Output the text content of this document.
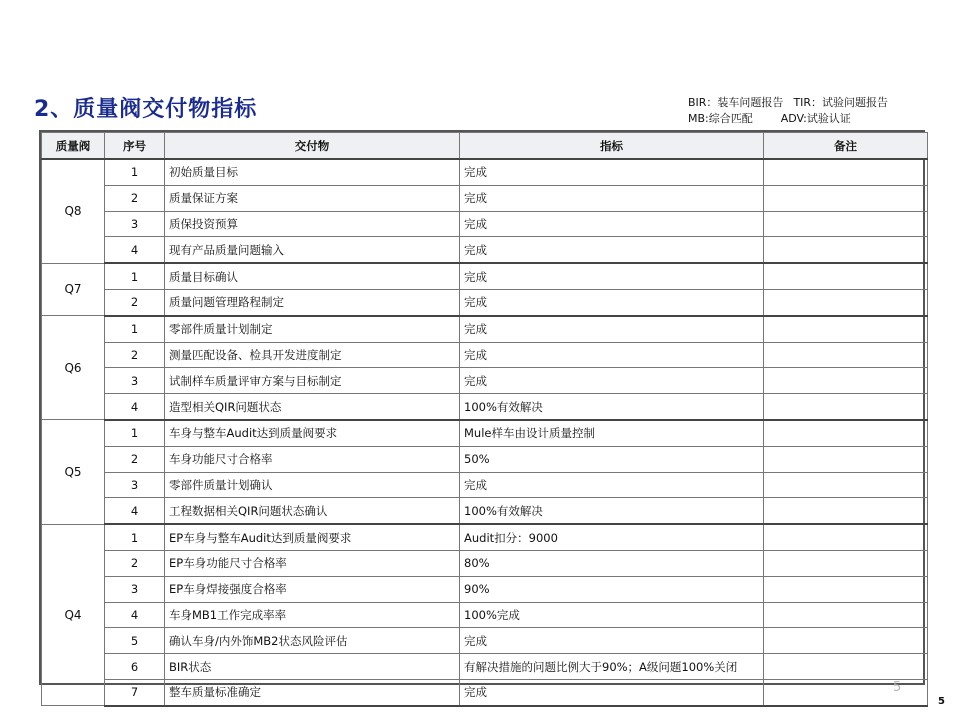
2、质量阀交付物指标	BIR：装车问题报告 TIR：试验问题报告
MB:综合匹配	ADV:试验认证
质量阀	序号	交付物	指标	备注
Q8	1	初始质量目标	完成	
	2	质量保证方案	完成	
	3	质保投资预算	完成	
	4	现有产品质量问题输入	完成	
Q7	1	质量目标确认	完成	
	2	质量问题管理路程制定	完成	
Q6	1	零部件质量计划制定	完成	
	2	测量匹配设备、检具开发进度制定	完成	
	3	试制样车质量评审方案与目标制定	完成	
	4	造型相关QIR问题状态	100%有效解决	
Q5	1	车身与整车Audit达到质量阀要求	Mule样车由设计质量控制	
	2	车身功能尺寸合格率	50%	
	3	零部件质量计划确认	完成	
	4	工程数据相关QIR问题状态确认	100%有效解决	
Q4	1	EP车身与整车Audit达到质量阀要求	Audit扣分：9000	
	2	EP车身功能尺寸合格率	80%	
	3	EP车身焊接强度合格率	90%	
	4	车身MB1工作完成率率	100%完成	
	5	确认车身/内外饰MB2状态风险评估	完成	
	6	BIR状态	有解决措施的问题比例大于90%；A级问题100%关闭	
	7	整车质量标准确定	完成		5
5
